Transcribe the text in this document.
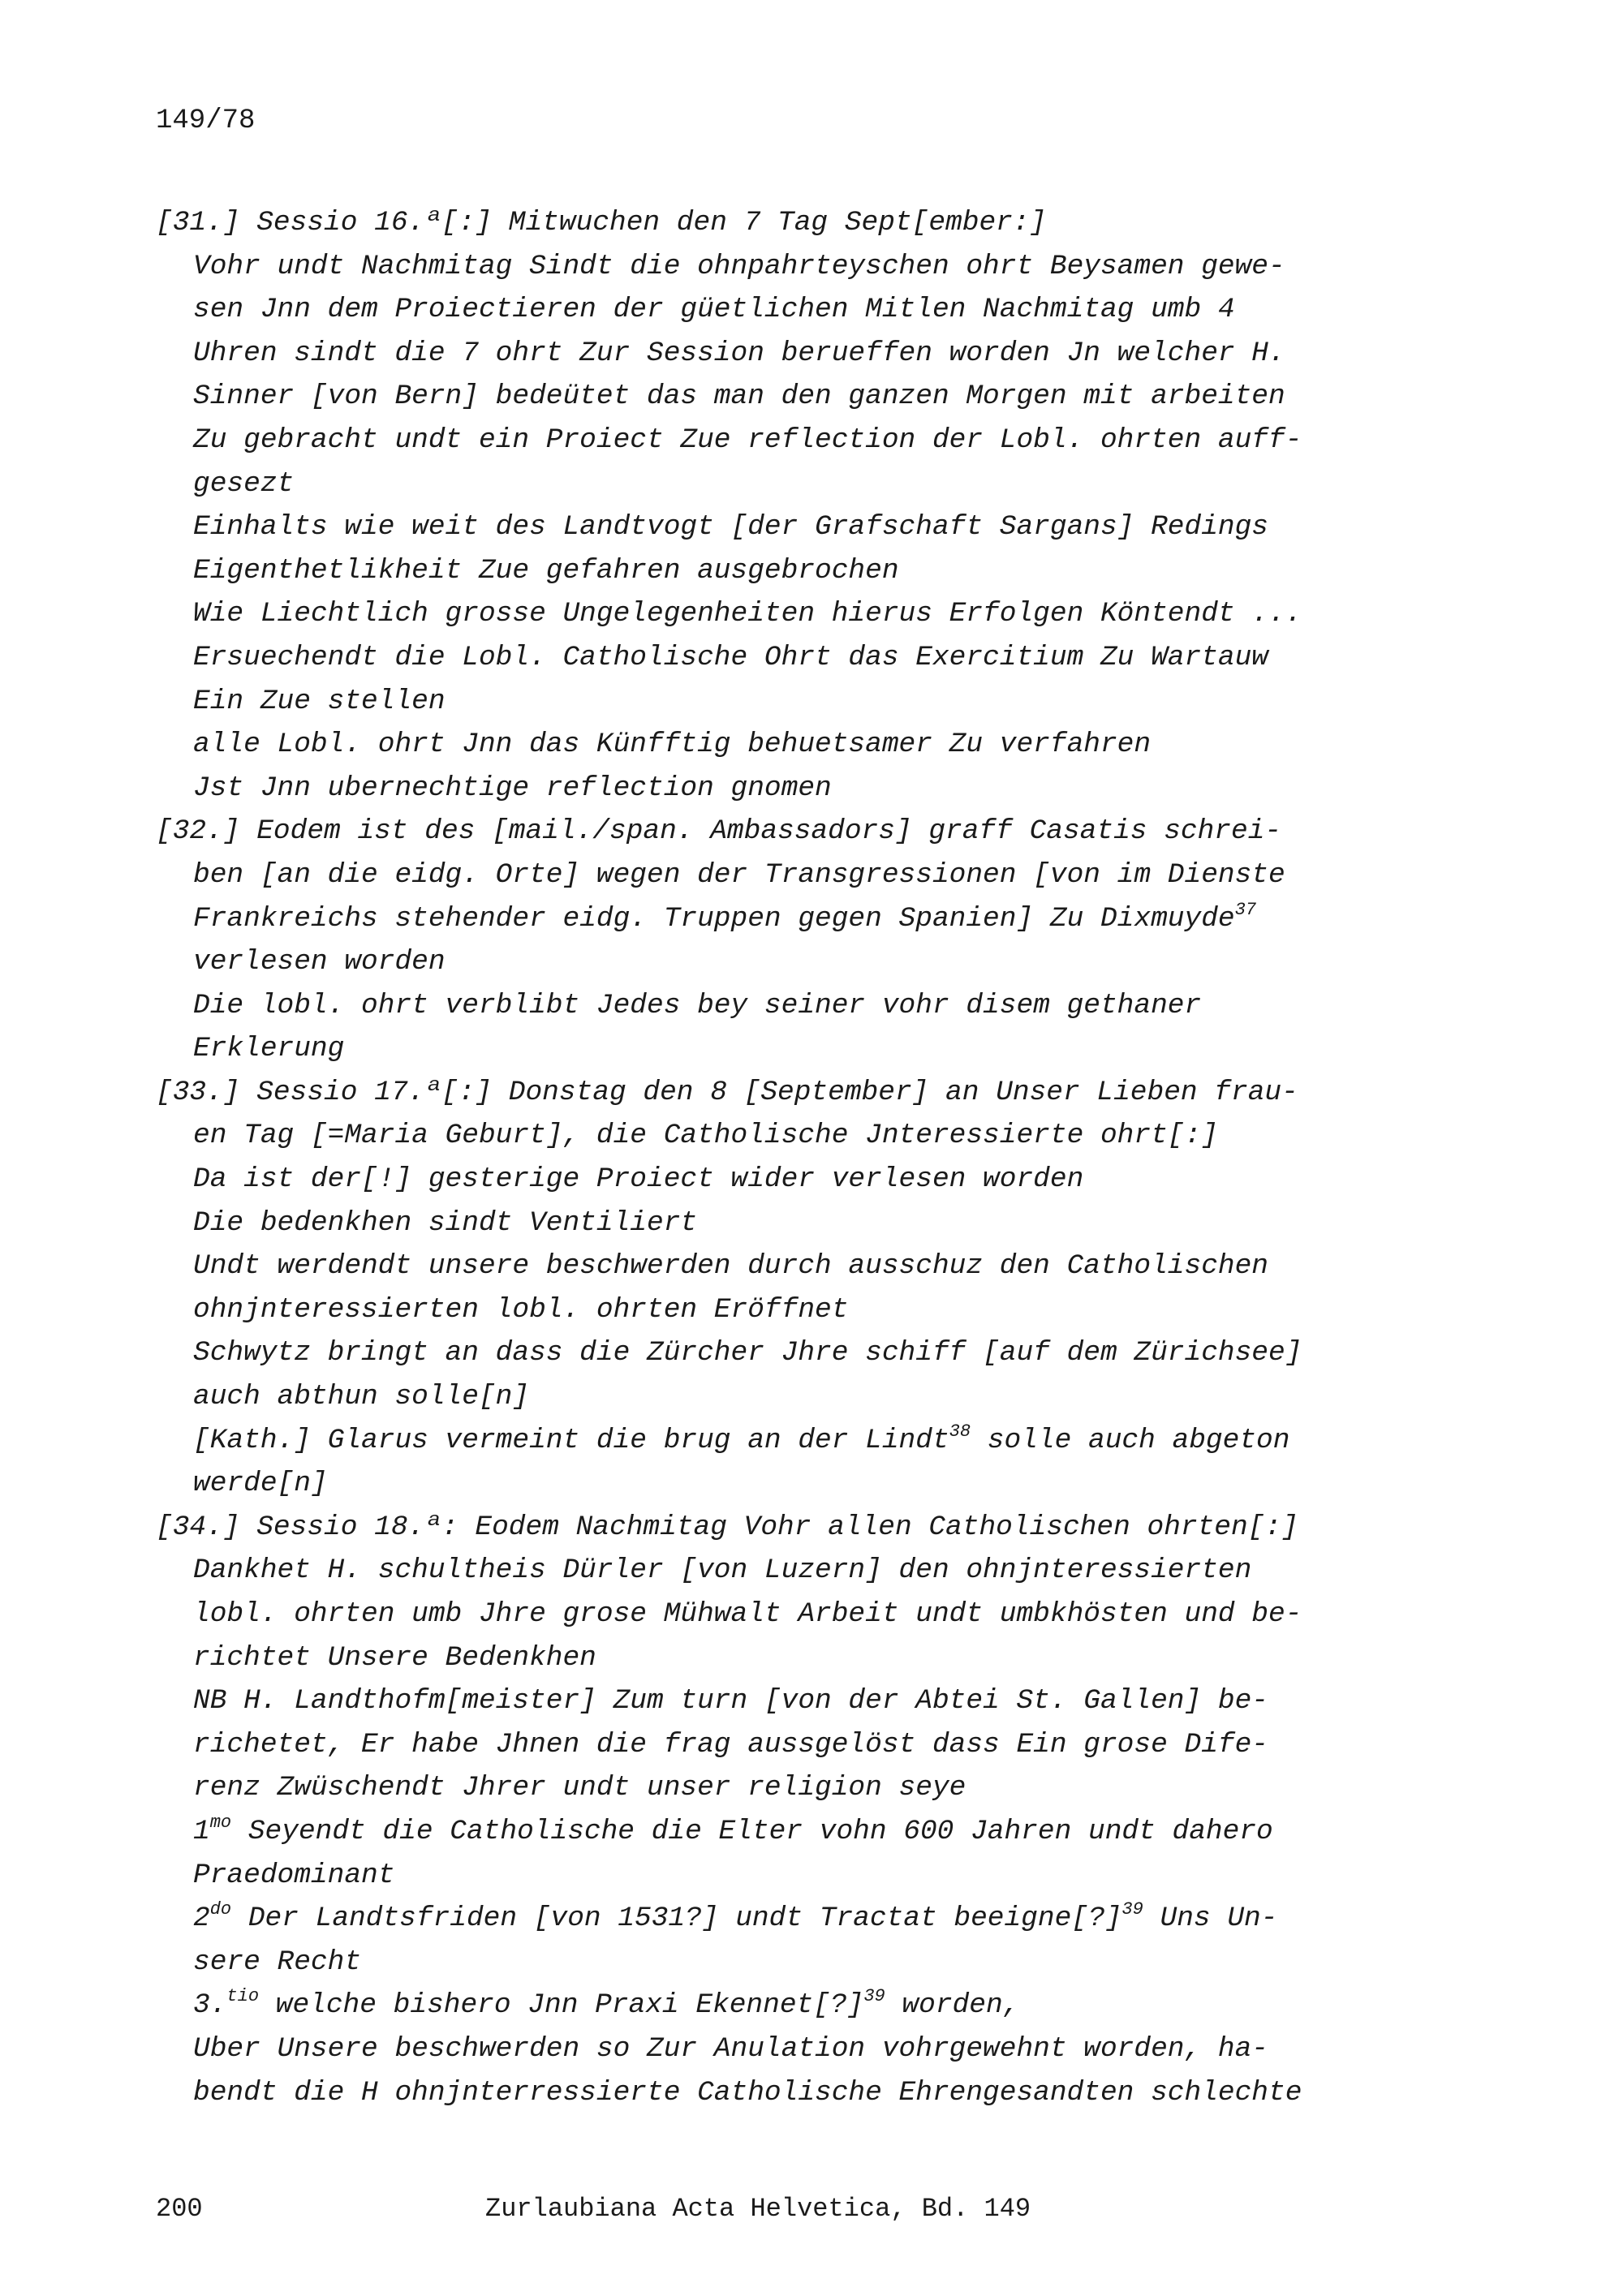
149/78
[31.] Sessio 16.ª[:] Mitwuchen den 7 Tag Sept[ember:]
Vohr undt Nachmitag Sindt die ohnpahrteyschen ohrt Beysamen gewe-
sen Jnn dem Proiectieren der güetlichen Mitlen Nachmitag umb 4
Uhren sindt die 7 ohrt Zur Session berueffen worden Jn welcher H.
Sinner [von Bern] bedeütet das man den ganzen Morgen mit arbeiten
Zu gebracht undt ein Proiect Zue reflection der Lobl. ohrten auff-
gesezt
Einhalts wie weit des Landtvogt [der Grafschaft Sargans] Redings
Eigenthetlikheit Zue gefahren ausgebrochen
Wie Liechtlich grosse Ungelegenheiten hierus Erfolgen Köntendt ...
Ersuechendt die Lobl. Catholische Ohrt das Exercitium Zu Wartauw
Ein Zue stellen
alle Lobl. ohrt Jnn das Künfftig behuetsamer Zu verfahren
Jst Jnn ubernechtige reflection gnomen
[32.] Eodem ist des [mail./span. Ambassadors] graff Casatis schrei-
ben [an die eidg. Orte] wegen der Transgressionen [von im Dienste
Frankreichs stehender eidg. Truppen gegen Spanien] Zu Dixmuyde$^{37}$
verlesen worden
Die lobl. ohrt verblibt Jedes bey seiner vohr disem gethaner
Erklerung
[33.] Sessio 17.ª[:] Donstag den 8 [September] an Unser Lieben frau-
en Tag [=Maria Geburt], die Catholische Jnteressierte ohrt[:]
Da ist der[!] gesterige Proiect wider verlesen worden
Die bedenkhen sindt Ventiliert
Undt werdendt unsere beschwerden durch ausschuz den Catholischen
ohnjnteressierten lobl. ohrten Eröffnet
Schwytz bringt an dass die Zürcher Jhre schiff [auf dem Zürichsee]
auch abthun solle[n]
[Kath.] Glarus vermeint die brug an der Lindt$^{38}$ solle auch abgeton
werde[n]
[34.] Sessio 18.ª: Eodem Nachmitag Vohr allen Catholischen ohrten[:]
Dankhet H. schultheis Dürler [von Luzern] den ohnjnteressierten
lobl. ohrten umb Jhre grose Mühwalt Arbeit undt umbkhösten und be-
richtet Unsere Bedenkhen
NB H. Landthofm[meister] Zum turn [von der Abtei St. Gallen] be-
richetet, Er habe Jhnen die frag aussgelöst dass Ein grose Dife-
renz Zwüschendt Jhrer undt unser religion seye
$1^{mo}$ Seyendt die Catholische die Elter vohn 600 Jahren undt dahero
Praedominant
$2^{do}$ Der Landtsfriden [von 1531?] undt Tractat beeigne[?]$^{39}$ Uns Un-
sere Recht
3.$^{tio}$ welche bishero Jnn Praxi Ekennet[?]$^{39}$ worden,
Uber Unsere beschwerden so Zur Anulation vohrgewehnt worden, ha-
bendt die H ohnjnterressierte Catholische Ehrengesandten schlechte
200	Zurlaubiana Acta Helvetica, Bd. 149
